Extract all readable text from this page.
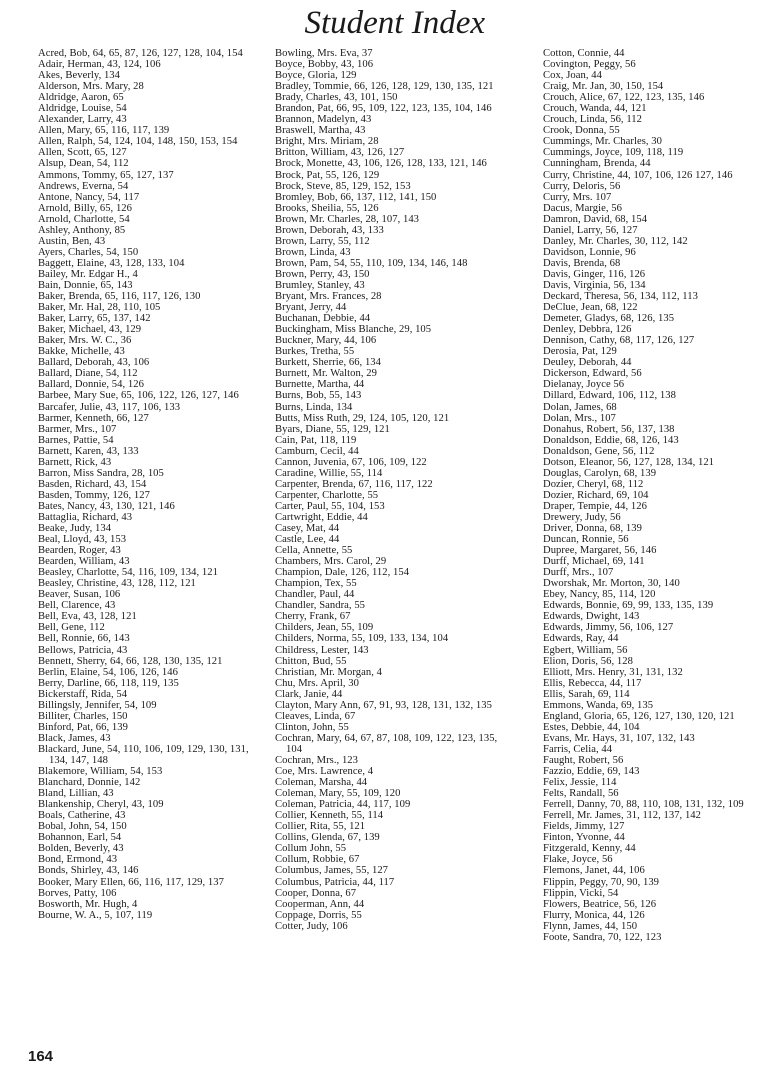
Student Index
Acred, Bob, 64, 65, 87, 126, 127, 128, 104, 154
Adair, Herman, 43, 124, 106
Akes, Beverly, 134
Alderson, Mrs. Mary, 28
Aldridge, Aaron, 65
Aldridge, Louise, 54
Alexander, Larry, 43
Allen, Mary, 65, 116, 117, 139
Allen, Ralph, 54, 124, 104, 148, 150, 153, 154
Allen, Scott, 65, 127
Alsup, Dean, 54, 112
Ammons, Tommy, 65, 127, 137
Andrews, Everna, 54
Antone, Nancy, 54, 117
Arnold, Billy, 65, 126
Arnold, Charlotte, 54
Ashley, Anthony, 85
Austin, Ben, 43
Ayers, Charles, 54, 150
Baggett, Elaine, 43, 128, 133, 104
Bailey, Mr. Edgar H., 4
Bain, Donnie, 65, 143
Baker, Brenda, 65, 116, 117, 126, 130
Baker, Mr. Hal, 28, 110, 105
Baker, Larry, 65, 137, 142
Baker, Michael, 43, 129
Baker, Mrs. W. C., 36
Bakke, Michelle, 43
Ballard, Deborah, 43, 106
Ballard, Diane, 54, 112
Ballard, Donnie, 54, 126
Barbee, Mary Sue, 65, 106, 122, 126, 127, 146
Barcafer, Julie, 43, 117, 106, 133
Barmer, Kenneth, 66, 127
Barmer, Mrs., 107
Barnes, Pattie, 54
Barnett, Karen, 43, 133
Barnett, Rick, 43
Barron, Miss Sandra, 28, 105
Basden, Richard, 43, 154
Basden, Tommy, 126, 127
Bates, Nancy, 43, 130, 121, 146
Battaglia, Richard, 43
Beake, Judy, 134
Beal, Lloyd, 43, 153
Bearden, Roger, 43
Bearden, William, 43
Beasley, Charlotte, 54, 116, 109, 134, 121
Beasley, Christine, 43, 128, 112, 121
Beaver, Susan, 106
Bell, Clarence, 43
Bell, Eva, 43, 128, 121
Bell, Gene, 112
Bell, Ronnie, 66, 143
Bellows, Patricia, 43
Bennett, Sherry, 64, 66, 128, 130, 135, 121
Berlin, Elaine, 54, 106, 126, 146
Berry, Darline, 66, 118, 119, 135
Bickerstaff, Rida, 54
Billingsly, Jennifer, 54, 109
Billiter, Charles, 150
Binford, Pat, 66, 139
Black, James, 43
Blackard, June, 54, 110, 106, 109, 129, 130, 131, 134, 147, 148
Blakemore, William, 54, 153
Blanchard, Donnie, 142
Bland, Lillian, 43
Blankenship, Cheryl, 43, 109
Boals, Catherine, 43
Bobal, John, 54, 150
Bohannon, Earl, 54
Bolden, Beverly, 43
Bond, Ermond, 43
Bonds, Shirley, 43, 146
Booker, Mary Ellen, 66, 116, 117, 129, 137
Borves, Patty, 106
Bosworth, Mr. Hugh, 4
Bourne, W. A., 5, 107, 119
Bowling, Mrs. Eva, 37
Boyce, Bobby, 43, 106
Boyce, Gloria, 129
Bradley, Tommie, 66, 126, 128, 129, 130, 135, 121
Brady, Charles, 43, 101, 150
Brandon, Pat, 66, 95, 109, 122, 123, 135, 104, 146
Brannon, Madelyn, 43
Braswell, Martha, 43
Bright, Mrs. Miriam, 28
Britton, William, 43, 126, 127
Brock, Monette, 43, 106, 126, 128, 133, 121, 146
Brock, Pat, 55, 126, 129
Brock, Steve, 85, 129, 152, 153
Bromley, Bob, 66, 137, 112, 141, 150
Brooks, Sheilia, 55, 126
Brown, Mr. Charles, 28, 107, 143
Brown, Deborah, 43, 133
Brown, Larry, 55, 112
Brown, Linda, 43
Brown, Pam, 54, 55, 110, 109, 134, 146, 148
Brown, Perry, 43, 150
Brumley, Stanley, 43
Bryant, Mrs. Frances, 28
Bryant, Jerry, 44
Buchanan, Debbie, 44
Buckingham, Miss Blanche, 29, 105
Buckner, Mary, 44, 106
Burkes, Tretha, 55
Burkett, Sherrie, 66, 134
Burnett, Mr. Walton, 29
Burnette, Martha, 44
Burns, Bob, 55, 143
Burns, Linda, 134
Butts, Miss Ruth, 29, 124, 105, 120, 121
Byars, Diane, 55, 129, 121
Cain, Pat, 118, 119
Camburn, Cecil, 44
Cannon, Juvenia, 67, 106, 109, 122
Caradine, Willie, 55, 114
Carpenter, Brenda, 67, 116, 117, 122
Carpenter, Charlotte, 55
Carter, Paul, 55, 104, 153
Cartwright, Eddie, 44
Casey, Mat, 44
Castle, Lee, 44
Cella, Annette, 55
Chambers, Mrs. Carol, 29
Champion, Dale, 126, 112, 154
Champion, Tex, 55
Chandler, Paul, 44
Chandler, Sandra, 55
Cherry, Frank, 67
Childers, Jean, 55, 109
Childers, Norma, 55, 109, 133, 134, 104
Childress, Lester, 143
Chitton, Bud, 55
Christian, Mr. Morgan, 4
Chu, Mrs. April, 30
Clark, Janie, 44
Clayton, Mary Ann, 67, 91, 93, 128, 131, 132, 135
Cleaves, Linda, 67
Clinton, John, 55
Cochran, Mary, 64, 67, 87, 108, 109, 122, 123, 135, 104
Cochran, Mrs., 123
Coe, Mrs. Lawrence, 4
Coleman, Marsha, 44
Coleman, Mary, 55, 109, 120
Coleman, Patricia, 44, 117, 109
Collier, Kenneth, 55, 114
Collier, Rita, 55, 121
Collins, Glenda, 67, 139
Collum John, 55
Collum, Robbie, 67
Columbus, James, 55, 127
Columbus, Patricia, 44, 117
Cooper, Donna, 67
Cooperman, Ann, 44
Coppage, Dorris, 55
Cotter, Judy, 106
Cotton, Connie, 44
Covington, Peggy, 56
Cox, Joan, 44
Craig, Mr. Jan, 30, 150, 154
Crouch, Alice, 67, 122, 123, 135, 146
Crouch, Wanda, 44, 121
Crouch, Linda, 56, 112
Crook, Donna, 55
Cummings, Mr. Charles, 30
Cummings, Joyce, 109, 118, 119
Cunningham, Brenda, 44
Curry, Christine, 44, 107, 106, 126 127, 146
Curry, Deloris, 56
Curry, Mrs. 107
Dacus, Margie, 56
Damron, David, 68, 154
Daniel, Larry, 56, 127
Danley, Mr. Charles, 30, 112, 142
Davidson, Lonnie, 96
Davis, Brenda, 68
Davis, Ginger, 116, 126
Davis, Virginia, 56, 134
Deckard, Theresa, 56, 134, 112, 113
DeClue, Jean, 68, 122
Demeter, Gladys, 68, 126, 135
Denley, Debbra, 126
Dennison, Cathy, 68, 117, 126, 127
Derosia, Pat, 129
Deuley, Deborah, 44
Dickerson, Edward, 56
Dielanay, Joyce 56
Dillard, Edward, 106, 112, 138
Dolan, James, 68
Dolan, Mrs., 107
Donahus, Robert, 56, 137, 138
Donaldson, Eddie, 68, 126, 143
Donaldson, Gene, 56, 112
Dotson, Eleanor, 56, 127, 128, 134, 121
Douglas, Carolyn, 68, 139
Dozier, Cheryl, 68, 112
Dozier, Richard, 69, 104
Draper, Tempie, 44, 126
Drewery, Judy, 56
Driver, Donna, 68, 139
Duncan, Ronnie, 56
Dupree, Margaret, 56, 146
Durff, Michael, 69, 141
Durff, Mrs., 107
Dworshak, Mr. Morton, 30, 140
Ebey, Nancy, 85, 114, 120
Edwards, Bonnie, 69, 99, 133, 135, 139
Edwards, Dwight, 143
Edwards, Jimmy, 56, 106, 127
Edwards, Ray, 44
Egbert, William, 56
Elion, Doris, 56, 128
Elliott, Mrs. Henry, 31, 131, 132
Ellis, Rebecca, 44, 117
Ellis, Sarah, 69, 114
Emmons, Wanda, 69, 135
England, Gloria, 65, 126, 127, 130, 120, 121
Estes, Debbie, 44, 104
Evans, Mr. Hays, 31, 107, 132, 143
Farris, Celia, 44
Faught, Robert, 56
Fazzio, Eddie, 69, 143
Felix, Jessie, 114
Felts, Randall, 56
Ferrell, Danny, 70, 88, 110, 108, 131, 132, 109
Ferrell, Mr. James, 31, 112, 137, 142
Fields, Jimmy, 127
Finton, Yvonne, 44
Fitzgerald, Kenny, 44
Flake, Joyce, 56
Flemons, Janet, 44, 106
Flippin, Peggy, 70, 90, 139
Flippin, Vicki, 54
Flowers, Beatrice, 56, 126
Flurry, Monica, 44, 126
Flynn, James, 44, 150
Foote, Sandra, 70, 122, 123
164
